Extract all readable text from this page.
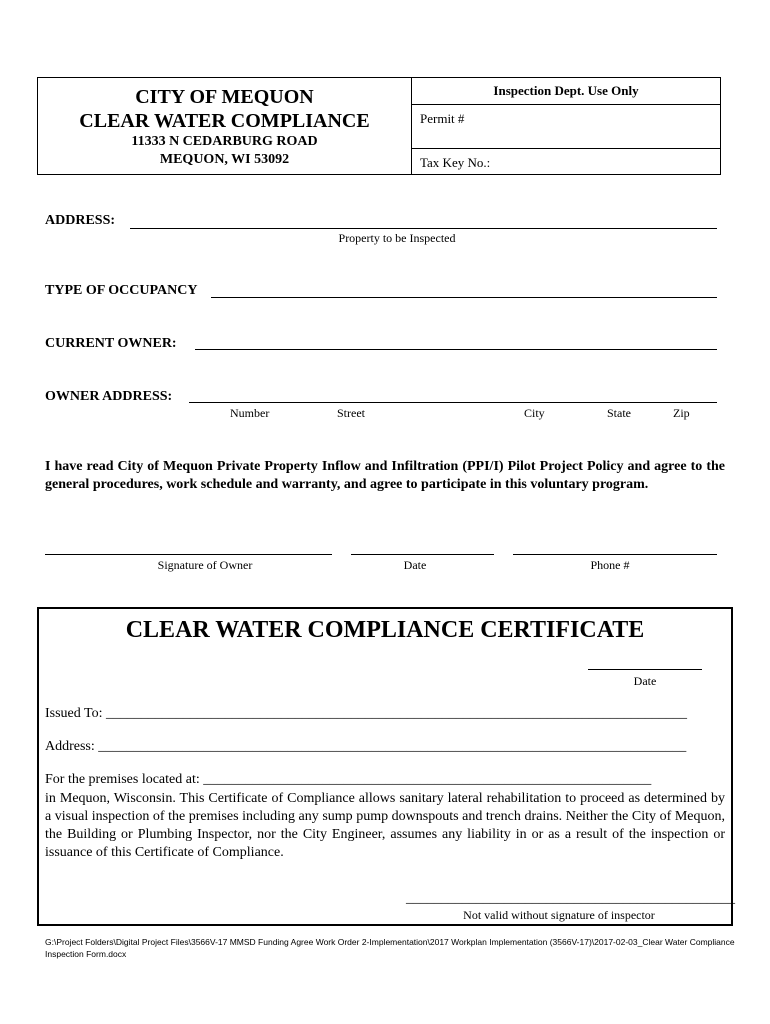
CITY OF MEQUON
CLEAR WATER COMPLIANCE
11333 N CEDARBURG ROAD
MEQUON, WI 53092
Inspection Dept. Use Only
Permit #
Tax Key No.:
ADDRESS:
Property to be Inspected
TYPE OF OCCUPANCY
CURRENT OWNER:
OWNER ADDRESS:
Number	Street	City	State	Zip
I have read City of Mequon Private Property Inflow and Infiltration (PPI/I) Pilot Project Policy and agree to the general procedures, work schedule and warranty, and agree to participate in this voluntary program.
Signature of Owner	Date	Phone #
CLEAR WATER COMPLIANCE CERTIFICATE
Date
Issued To: ___________________________________________________________________________________
Address: ____________________________________________________________________________________
For the premises located at: ________________________________________________________________
in Mequon, Wisconsin. This Certificate of Compliance allows sanitary lateral rehabilitation to proceed as determined by a visual inspection of the premises including any sump pump downspouts and trench drains. Neither the City of Mequon, the Building or Plumbing Inspector, nor the City Engineer, assumes any liability in or as a result of the inspection or issuance of this Certificate of Compliance.
_______________________________________________
Not valid without signature of inspector
G:\Project Folders\Digital Project Files\3566V-17 MMSD Funding Agree Work Order 2-Implementation\2017 Workplan Implementation (3566V-17)\2017-02-03_Clear Water Compliance Inspection Form.docx
